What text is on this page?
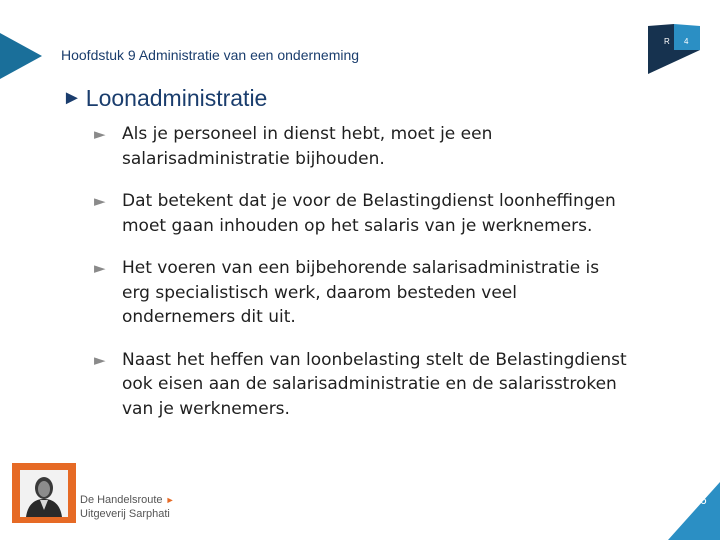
Hoofdstuk 9 Administratie van een onderneming
R 4
► Loonadministratie
► Als je personeel in dienst hebt, moet je een
salarisadministratie bijhouden.
► Dat betekent dat je voor de Belastingdienst loonheffingen
moet gaan inhouden op het salaris van je werknemers.
► Het voeren van een bijbehorende salarisadministratie is
erg specialistisch werk, daarom besteden veel
ondernemers dit uit.
► Naast het heffen van loonbelasting stelt de Belastingdienst
ook eisen aan de salarisadministratie en de salarisstroken
van je werknemers.
De Handelsroute ►
Uitgeverij Sarphati
6
